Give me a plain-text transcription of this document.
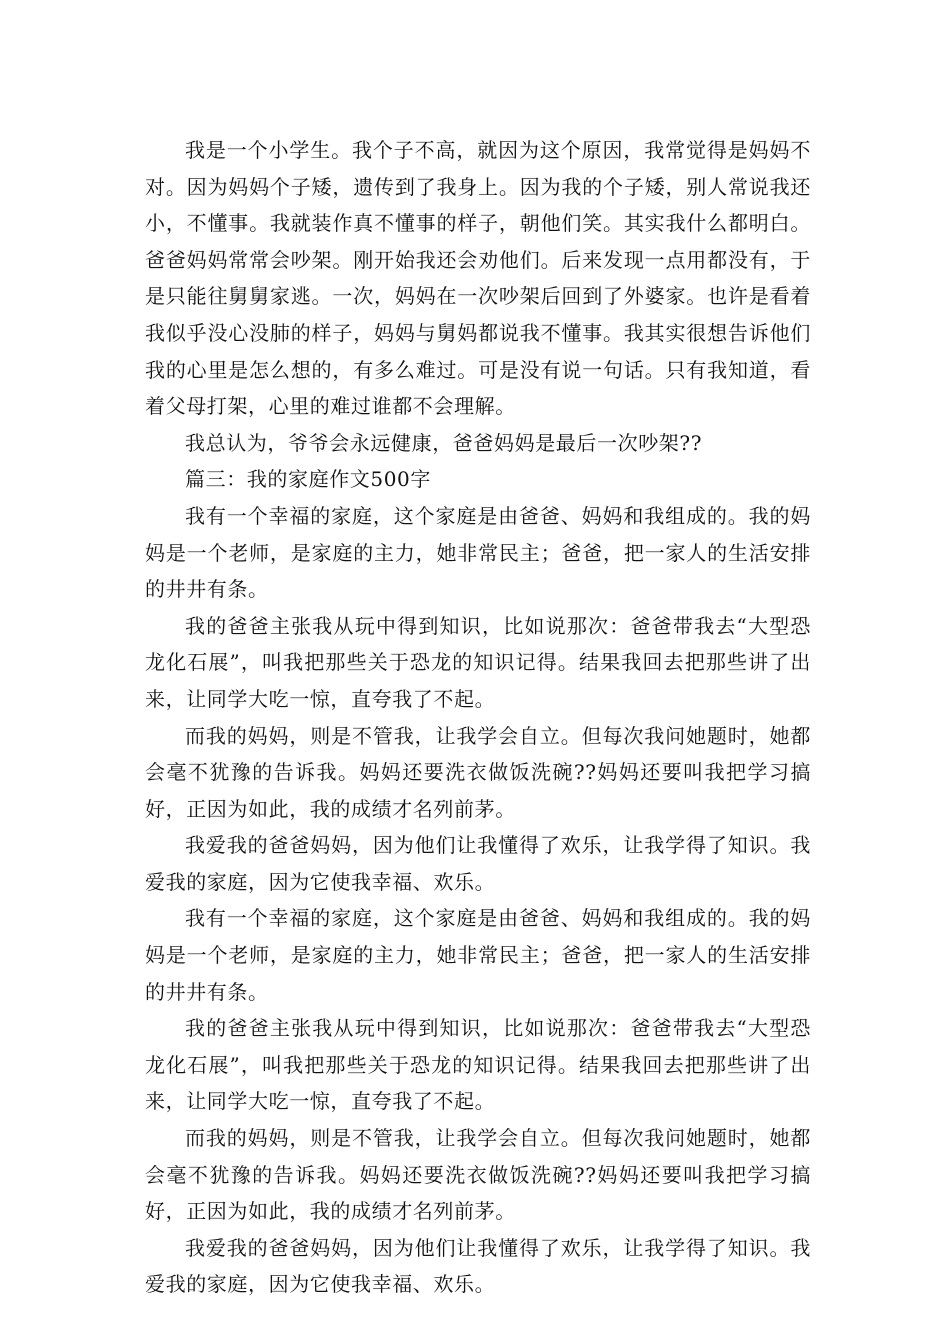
我是一个小学生。我个子不高，就因为这个原因，我常觉得是妈妈不对。因为妈妈个子矮，遗传到了我身上。因为我的个子矮，别人常说我还小，不懂事。我就装作真不懂事的样子，朝他们笑。其实我什么都明白。爸爸妈妈常常会吵架。刚开始我还会劝他们。后来发现一点用都没有，于是只能往舅舅家逃。一次，妈妈在一次吵架后回到了外婆家。也许是看着我似乎没心没肺的样子，妈妈与舅妈都说我不懂事。我其实很想告诉他们我的心里是怎么想的，有多么难过。可是没有说一句话。只有我知道，看着父母打架，心里的难过谁都不会理解。

我总认为，爷爷会永远健康，爸爸妈妈是最后一次吵架??

篇三：我的家庭作文500字

我有一个幸福的家庭，这个家庭是由爸爸、妈妈和我组成的。我的妈妈是一个老师，是家庭的主力，她非常民主；爸爸，把一家人的生活安排的井井有条。

我的爸爸主张我从玩中得到知识，比如说那次：爸爸带我去“大型恐龙化石展”，叫我把那些关于恐龙的知识记得。结果我回去把那些讲了出来，让同学大吃一惊，直夸我了不起。

而我的妈妈，则是不管我，让我学会自立。但每次我问她题时，她都会毫不犹豫的告诉我。妈妈还要洗衣做饭洗碗??妈妈还要叫我把学习搞好，正因为如此，我的成绩才名列前茅。

我爱我的爸爸妈妈，因为他们让我懂得了欢乐，让我学得了知识。我爱我的家庭，因为它使我幸福、欢乐。

我有一个幸福的家庭，这个家庭是由爸爸、妈妈和我组成的。我的妈妈是一个老师，是家庭的主力，她非常民主；爸爸，把一家人的生活安排的井井有条。

我的爸爸主张我从玩中得到知识，比如说那次：爸爸带我去“大型恐龙化石展”，叫我把那些关于恐龙的知识记得。结果我回去把那些讲了出来，让同学大吃一惊，直夸我了不起。

而我的妈妈，则是不管我，让我学会自立。但每次我问她题时，她都会毫不犹豫的告诉我。妈妈还要洗衣做饭洗碗??妈妈还要叫我把学习搞好，正因为如此，我的成绩才名列前茅。

我爱我的爸爸妈妈，因为他们让我懂得了欢乐，让我学得了知识。我爱我的家庭，因为它使我幸福、欢乐。
